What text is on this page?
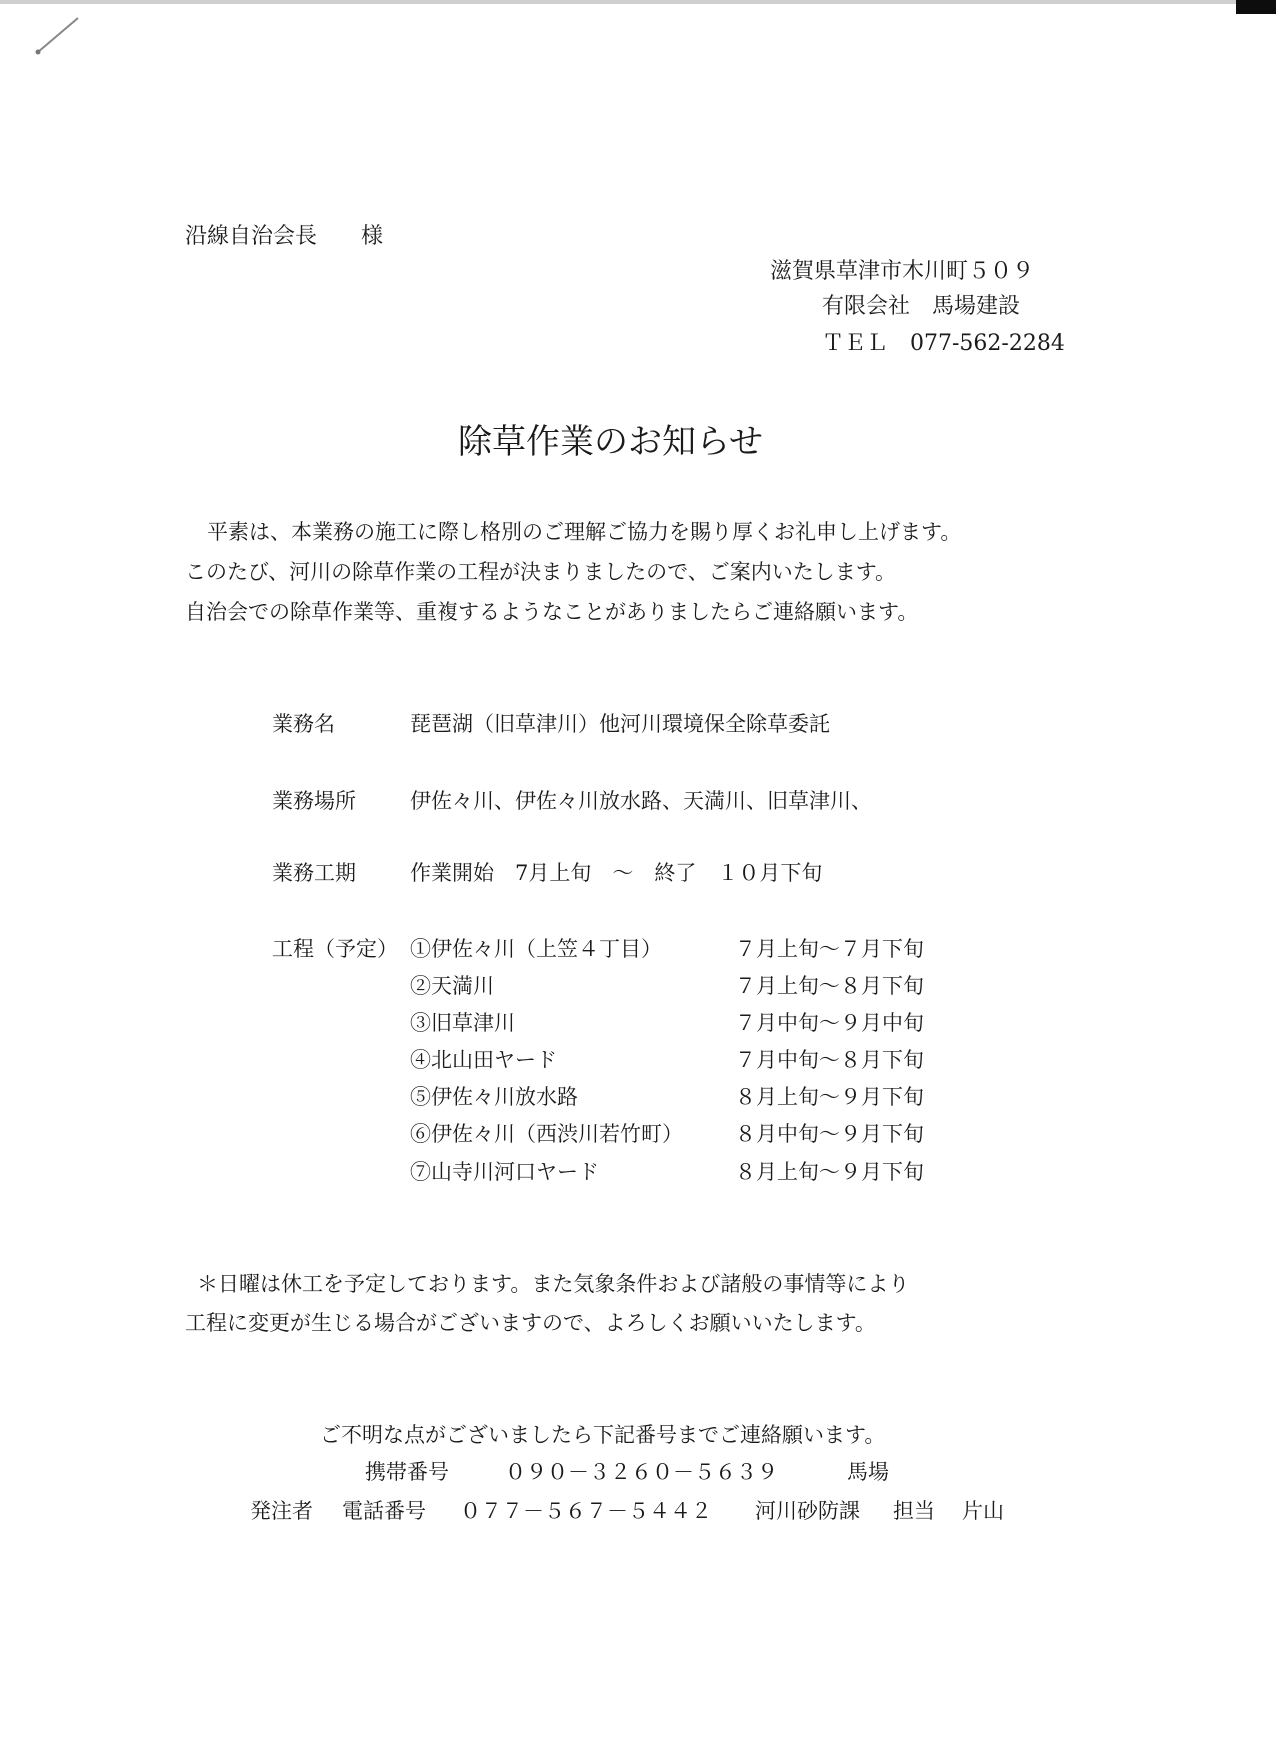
沿線自治会長　　様
滋賀県草津市木川町５０９
有限会社　馬場建設
ＴＥＬ　077-562-2284
除草作業のお知らせ
平素は、本業務の施工に際し格別のご理解ご協力を賜り厚くお礼申し上げます。
このたび、河川の除草作業の工程が決まりましたので、ご案内いたします。
自治会での除草作業等、重複するようなことがありましたらご連絡願います。
業務名	琵琶湖（旧草津川）他河川環境保全除草委託
業務場所	伊佐々川、伊佐々川放水路、天満川、旧草津川、
業務工期	作業開始　7月上旬　～　終了　１０月下旬
工程（予定） ①伊佐々川（上笠４丁目）	７月上旬～７月下旬
②天満川	７月上旬～８月下旬
③旧草津川	７月中旬～９月中旬
④北山田ヤード	７月中旬～８月下旬
⑤伊佐々川放水路	８月上旬～９月下旬
⑥伊佐々川（西渋川若竹町） ８月中旬～９月下旬
⑦山寺川河口ヤード	８月上旬～９月下旬
＊日曜は休工を予定しております。また気象条件および諸般の事情等により
工程に変更が生じる場合がございますので、よろしくお願いいたします。
ご不明な点がございましたら下記番号までご連絡願います。
携帯番号	０９０－３２６０－５６３９	馬場
発注者 電話番号 ０７７－５６７－５４４２ 河川砂防課 担当 片山
